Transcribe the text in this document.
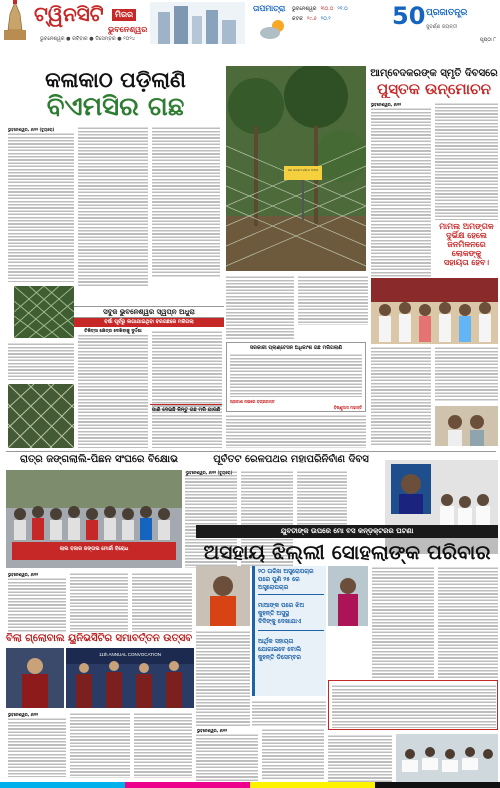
ଟ୍ୱିନସିଟି	ମିରର
ଭୁବନେଶ୍ୱର
ଭୁବନେଶ୍ୱର ● ରବିବାର ● ଡିସେମ୍ବର ● ୨୦୨୪
ତାପମାତ୍ରା ଭୁବନେଶ୍ୱର ୩୦.୦ ୨୧.୦
କଟକ ୨୯.୬ ୨୦.୨	50 ପ୍ରଜାତନ୍ତ୍ର
ସୁବର୍ଣ୍ଣ ଜୟନ୍ତୀ
ପୃଷ୍ଠା ୮
କଳାକାଠ ପଡ଼ିଲାଣି
ବିଏମସିର ଗଛ
ଭୁବନେଶ୍ୱର, ୬ା୧୨ (ବ୍ୟୁରୋ)
ସବୁଜ ଭୁବନେଶ୍ୱର ସ୍ୱପ୍ନ ଅଧୁରା
ବର୍ଷା ପୂର୍ବରୁ ଲଗାଯାଇଥିବା ବରଗଛରେ ମରିଗଲା
ପାଣି ଦେଇଛି କିନ୍ତୁ ଗଛ ମରି ଯାଉଛି
ଚିକିତ୍ସା କ୍ଷେତ୍ର ଦେଖିବାକୁ ଦୁର୍ଦ୍ଦଶା
ଗଛ ଲଗାଅ ଜୀବନ ବଞ୍ଚାଅ
ସରକାରୀ ପ୍ଲାଣ୍ଟେସନ ଅଧିକାଂଶ ଗଛ ମରିଗଲାଣି
ପ୍ରକାଶ ନଇରେ ବଜ୍ରକାନ୍ତ
ବିଷ୍ଣୁଦାସ ମହାନ୍ତି
ଆମ୍ବେଦକରଙ୍କ ସ୍ମୃତି ଦିବସରେ
ପୁସ୍ତକ ଉନ୍ମୋଚନ
ଭୁବନେଶ୍ୱର, ୬ା୧୨
ମାମଲ ଅମଙ୍ଗଳ
ଦୁର୍ଭିକ୍ଷ ହେଲେ
ଜନମିଳନରେ
ଲୋକଙ୍କୁ
ସହାୟତା ହେବ।
ରାତ୍ର ଜଙ୍ଗଲାଲି-ପିଛନ ସଂଘରେ ବିକ୍ଷୋଭ	ପୂର୍ବତଟ ରେଳପଥର ମହାପରିନିର୍ବାଣ ଦିବସ
ଲାଲ ବଜାର ଜଙ୍ଗଲ ମୋର୍ଚ୍ଚା ବିରୋଧ
ଭୁବନେଶ୍ୱର, ୬ା୧୨ (ବ୍ୟୁରୋ)
ଯୁବତୀଙ୍କ ଉପରେ ମୋ ବସ କନ୍ଡ଼କ୍ଟରର ଘଟଣା
ଅସହାୟ ଝିଲ୍ଲୀ ସୋହଲାଙ୍କ ପରିବାର
୨୦ ତାରିଖ ଅସ୍ତ୍ରୋପଚାର
ପରେ ପୁଣି ୨୫ ରେ
ଅସ୍ତ୍ରୋପଚାର
ମାଆଙ୍କ ପରେ ଝିଅ
କୁହନ୍ତି ଅସୁସ୍ଥ
ଦିଦିଙ୍କୁ ଦେଖାଯାଏ
ଆର୍ଥିକ ସହାୟତା
ଯୋଗାଇବେ ବୋଲି
କୁହନ୍ତି ଡିସେମ୍ବର
ଭୁବନେଶ୍ୱର, ୬ା୧୨
ବିଲା ଗ୍ଲୋବାଲ ୟୁନିଭର୍ସିଟିର ସମାବର୍ତ୍ତନ ଉତ୍ସବ
11th ANNUAL CONVOCATION
ଭୁବନେଶ୍ୱର, ୬ା୧୨
ଭୁବନେଶ୍ୱର, ୬ା୧୨
